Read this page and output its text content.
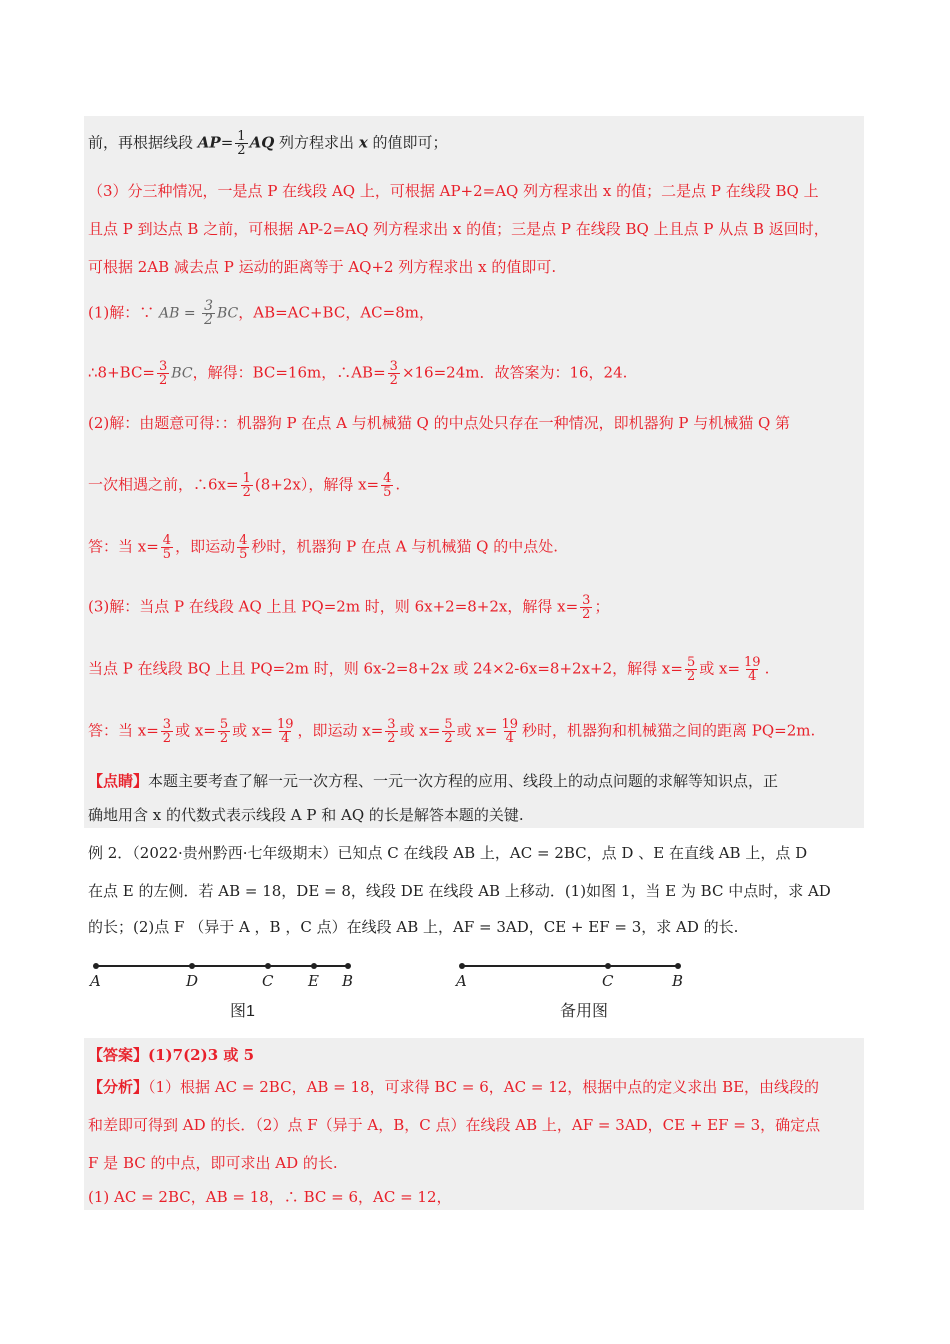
前，再根据线段 $AP= \frac{1}{2}$ AQ 列方程求出 x 的值即可；
（3）分三种情况，一是点 P 在线段 AQ 上，可根据 AP+2=AQ 列方程求出 x 的值；二是点 P 在线段 BQ 上
且点 P 到达点 B 之前，可根据 AP-2=AQ 列方程求出 x 的值；三是点 P 在线段 BQ 上且点 P 从点 B 返回时，
可根据 2AB 减去点 P 运动的距离等于 AQ+2 列方程求出 x 的值即可.
(1)解：∵ AB = $\frac{3}{2}$ BC，AB=AC+BC，AC=8m，
∴8+BC= $\frac{3}{2}$ BC，解得：BC=16m，∴AB= $\frac{3}{2} \times 16=24m$．故答案为：16，24.
(2)解：由题意可得：：机器狗 P 在点 A 与机械猫 Q 的中点处只存在一种情况，即机器狗 P 与机械猫 Q 第
一次相遇之前，∴6x= $\frac{1}{2} (8+2x)$，解得 $x= \frac{4}{5}$ .
答：当 $x= \frac{4}{5}$ ，即运动 $\frac{4}{5}$ 秒时，机器狗 P 在点 A 与机械猫 Q 的中点处.
(3)解：当点 P 在线段 AQ 上且 PQ=2m 时，则 6x+2=8+2x，解得 $x= \frac{3}{2}$ ；
当点 P 在线段 BQ 上且 PQ=2m 时，则 6x-2=8+2x 或 24×2-6x=8+2x+2，解得 $x= \frac{5}{2}$ 或 $x= \frac{19}{4}$ .
答：当 $x= \frac{3}{2}$ 或 $x= \frac{5}{2}$ 或 $x= \frac{19}{4}$ ，即运动 $x= \frac{3}{2}$ 或 $x= \frac{5}{2}$ 或 $x= \frac{19}{4}$ 秒时，机器狗和机械猫之间的距离 PQ=2m.
【点睛】本题主要考查了解一元一次方程、一元一次方程的应用、线段上的动点问题的求解等知识点，正
确地用含 x 的代数式表示线段 A P 和 AQ 的长是解答本题的关键.
例 2．（2022·贵州黔西·七年级期末）已知点 C 在线段 AB 上，AC = 2BC，点 D 、E 在直线 AB 上，点 D
在点 E 的左侧．若 AB = 18，DE = 8，线段 DE 在线段 AB 上移动．(1)如图 1，当 E 为 BC 中点时，求 AD
的长；(2)点 F （异于 A ，B ，C 点）在线段 AB 上，AF = 3AD，CE + EF = 3，求 AD 的长.
A	D	C E B
图1
A	C	B
备用图
【答案】(1)7(2)3 或 5
【分析】（1）根据 AC = 2BC，AB = 18，可求得 BC = 6，AC = 12，根据中点的定义求出 BE，由线段的
和差即可得到 AD 的长．（2）点 F（异于 A，B，C 点）在线段 AB 上，AF = 3AD，CE + EF = 3，确定点
F 是 BC 的中点，即可求出 AD 的长.
(1) AC = 2BC，AB = 18，∴ BC = 6，AC = 12，
